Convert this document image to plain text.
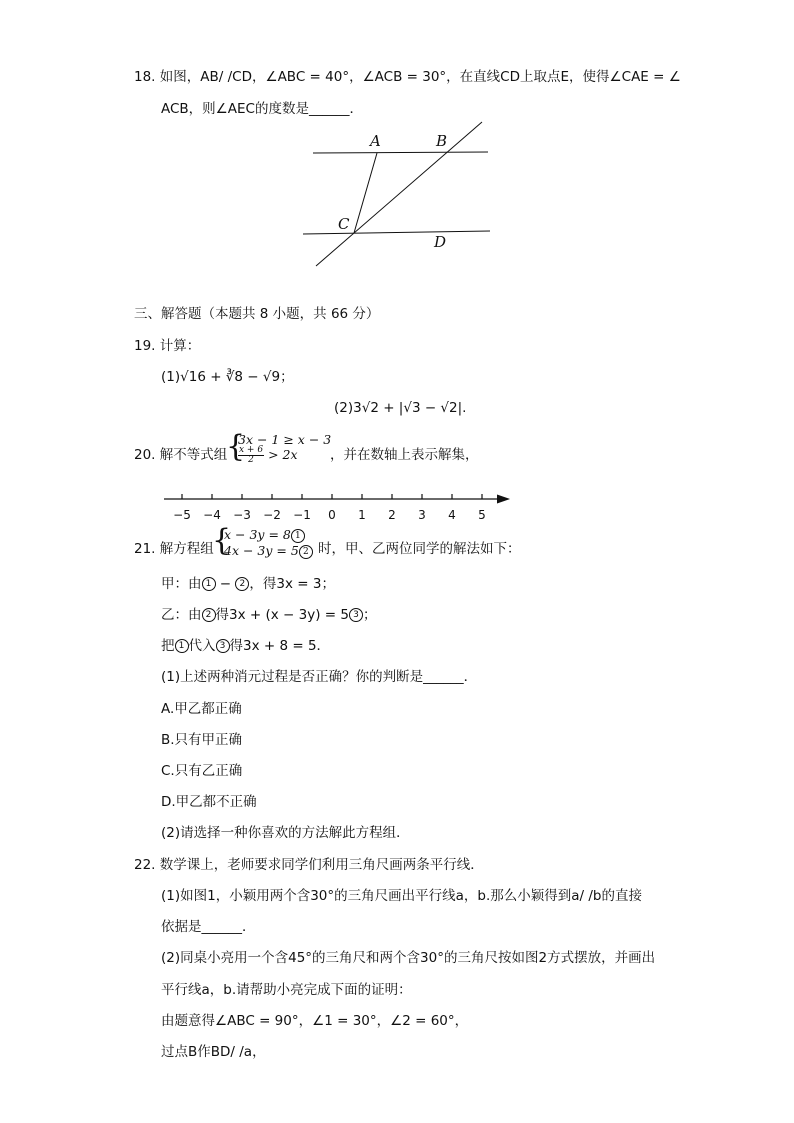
18. 如图，AB/ /CD，∠ABC = 40°，∠ACB = 30°，在直线CD上取点E，使得∠CAE = ∠
ACB，则∠AEC的度数是______．
A	B
C
D
三、解答题（本题共 8 小题，共 66 分）
19. 计算：
(1)√16 + ∛8 − √9；
(2)3√2 + |√3 − √2|.
20. 解不等式组
{
3x − 1 ≥ x − 3
$\frac{x + 6}{2} > 2x$ ，并在数轴上表示解集，
−5 −4 −3 −2 −1 0 1 2 3 4 5
21. 解方程组
{
x − 3y = 8 1
4x − 3y = 5 2 时，甲、乙两位同学的解法如下：
甲：由 1 − 2 ，得3x = 3；
乙：由 2 得3x + (x − 3y) = 5 3 ；
把 1 代入 3 得3x + 8 = 5．
(1)上述两种消元过程是否正确？你的判断是______．
A.甲乙都正确
B.只有甲正确
C.只有乙正确
D.甲乙都不正确
(2)请选择一种你喜欢的方法解此方程组．
22. 数学课上，老师要求同学们利用三角尺画两条平行线．
(1)如图1，小颖用两个含30°的三角尺画出平行线a，b.那么小颖得到a/ /b的直接
依据是______．
(2)同桌小亮用一个含45°的三角尺和两个含30°的三角尺按如图2方式摆放，并画出
平行线a，b.请帮助小亮完成下面的证明：
由题意得∠ABC = 90°，∠1 = 30°，∠2 = 60°，
过点B作BD/ /a，
